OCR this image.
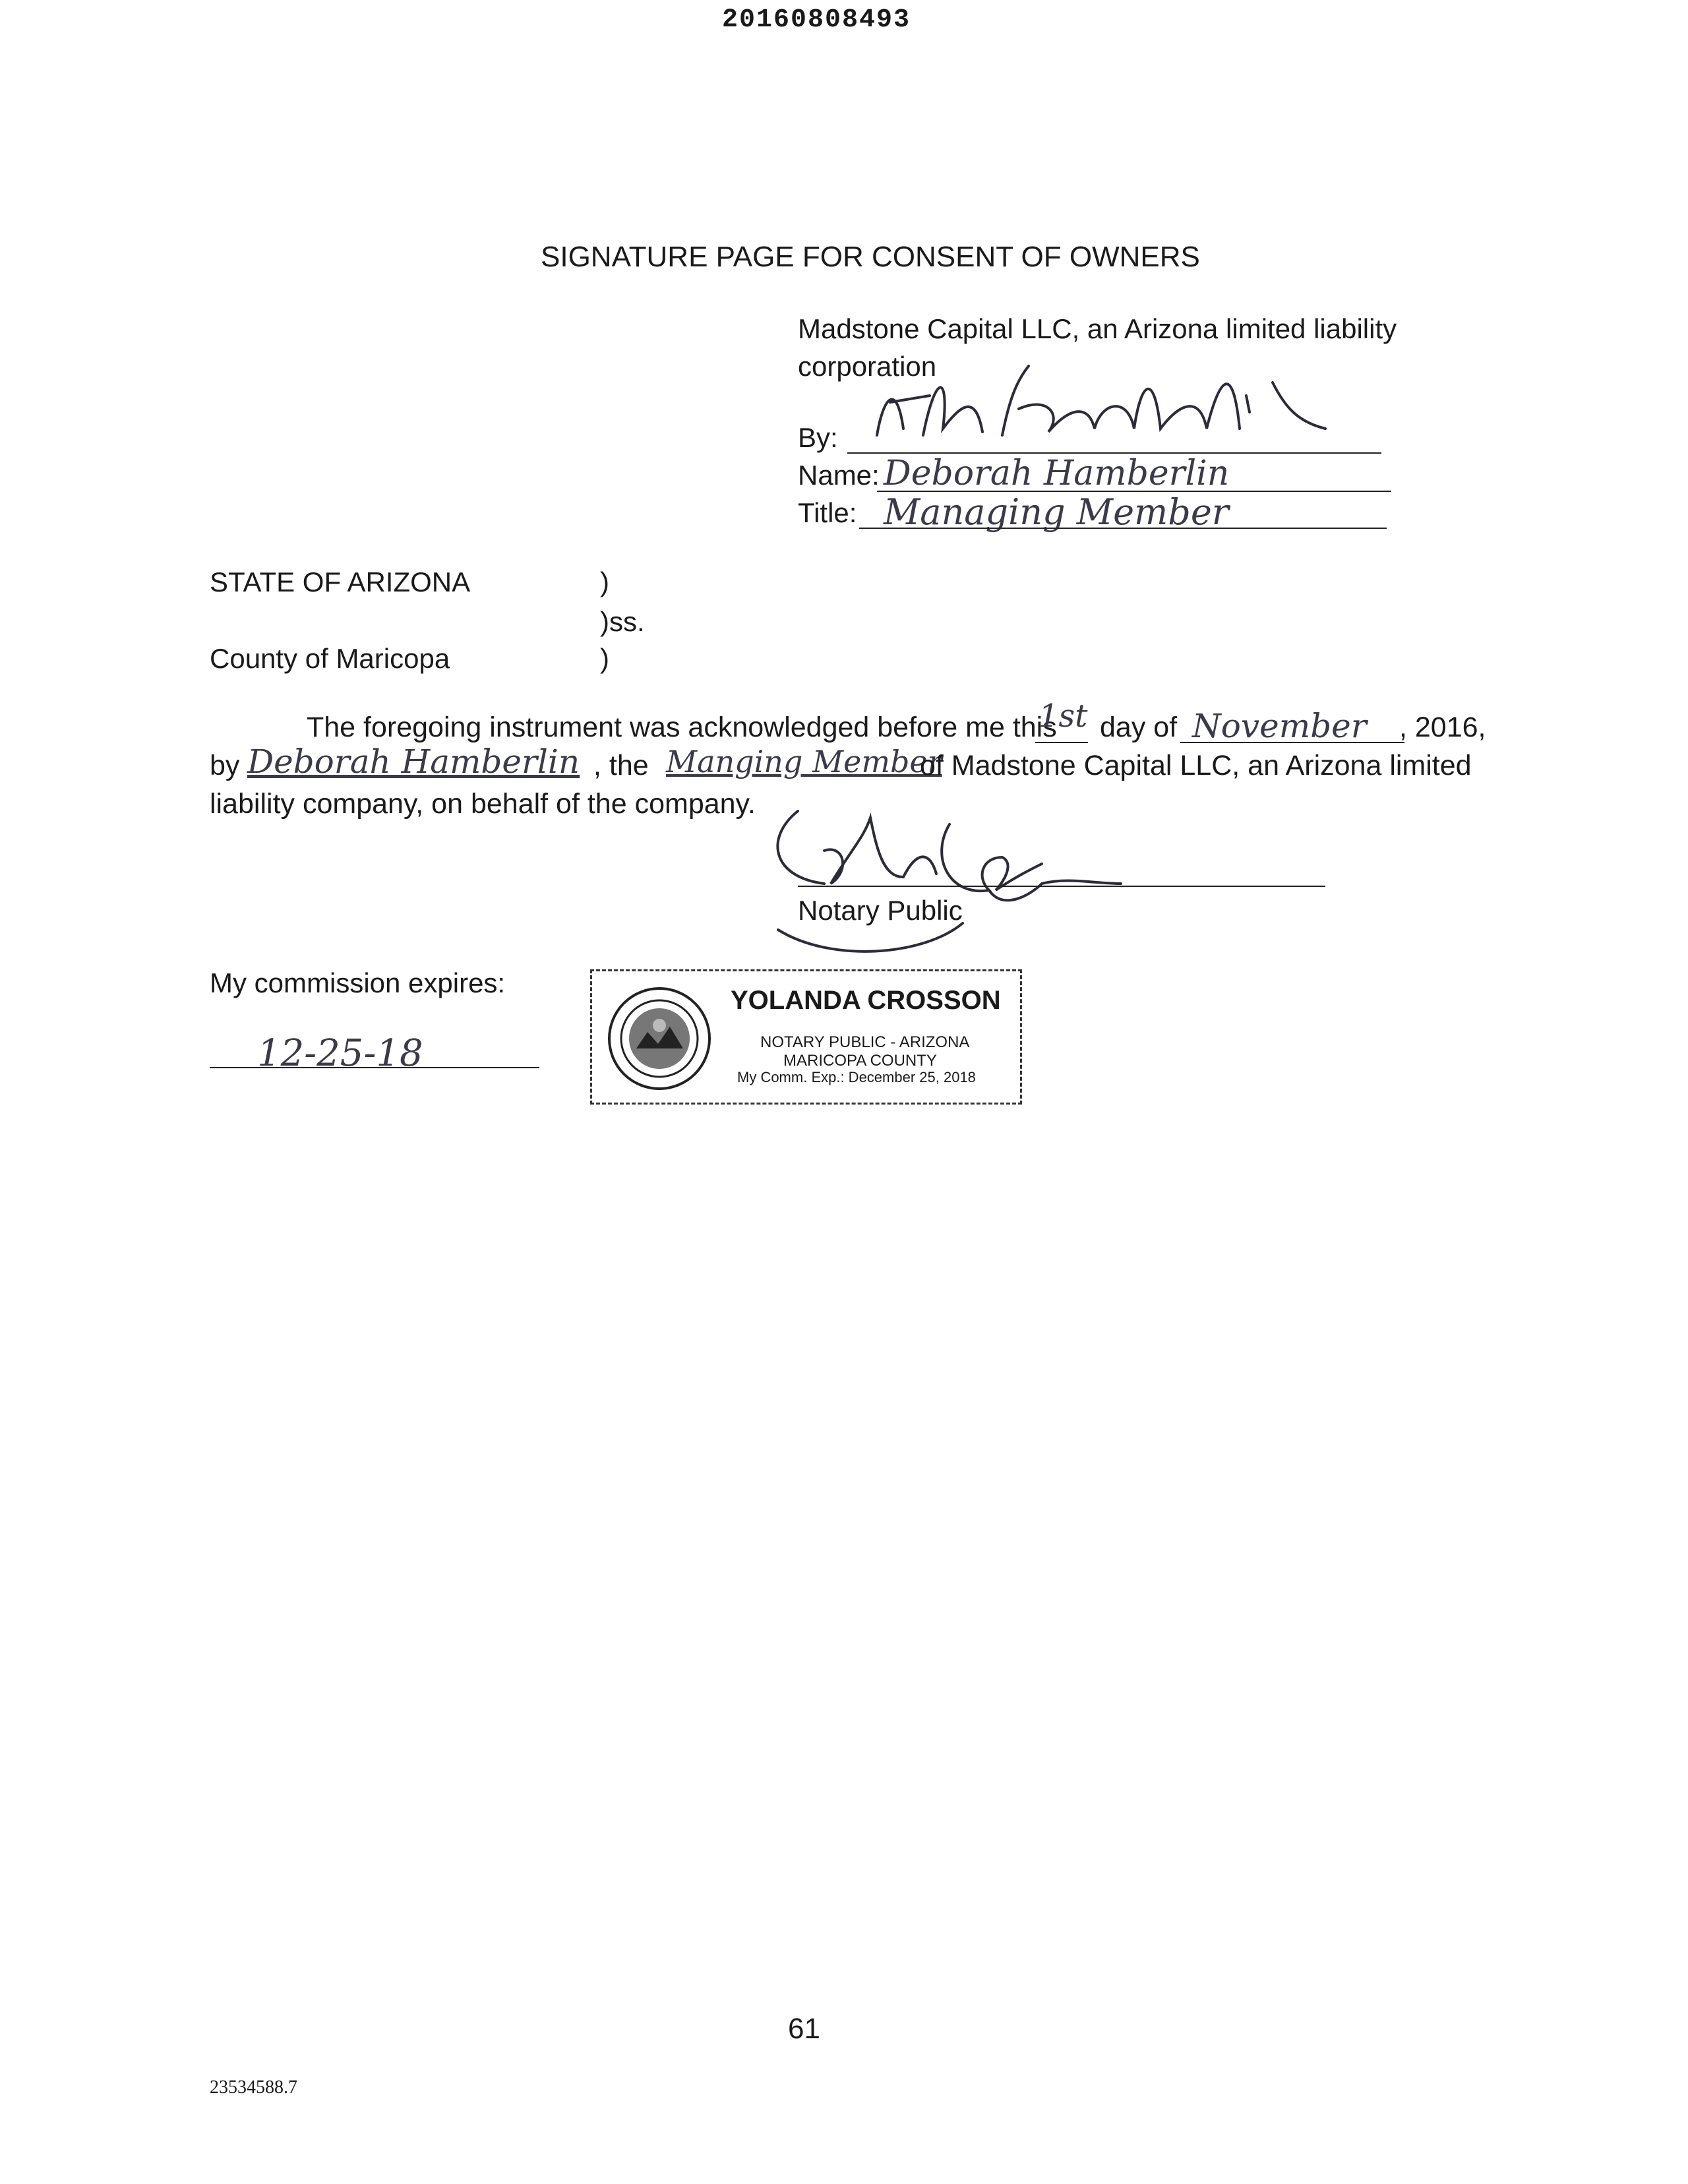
20160808493
SIGNATURE PAGE FOR CONSENT OF OWNERS
Madstone Capital LLC, an Arizona limited liability
corporation
By:
Name: Deborah Hamberlin
Title: Managing Member
STATE OF ARIZONA	)
)ss.
County of Maricopa	)
The foregoing instrument was acknowledged before me this
1st day of November , 2016,
by Deborah Hamberlin , the Manging Member
of Madstone Capital LLC, an Arizona limited
liability company, on behalf of the company.
Notary Public
My commission expires:
12-25-18
YOLANDA CROSSON
NOTARY PUBLIC - ARIZONA
MARICOPA COUNTY
My Comm. Exp.: December 25, 2018
61
23534588.7
